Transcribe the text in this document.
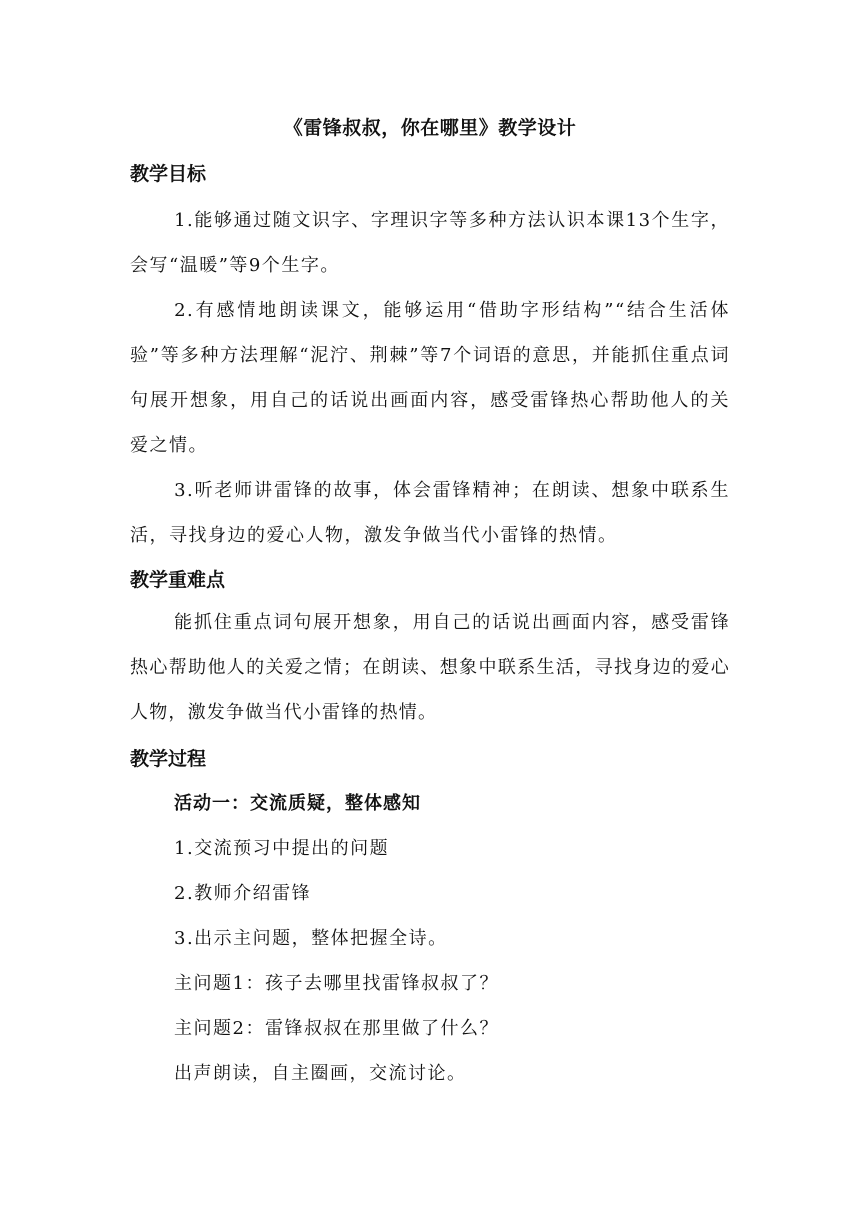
《雷锋叔叔，你在哪里》教学设计
教学目标

1.能够通过随文识字、字理识字等多种方法认识本课13个生字，会写“温暖”等9个生字。

2.有感情地朗读课文，能够运用“借助字形结构”“结合生活体验”等多种方法理解“泥泞、荆棘”等7个词语的意思，并能抓住重点词句展开想象，用自己的话说出画面内容，感受雷锋热心帮助他人的关爱之情。

3.听老师讲雷锋的故事，体会雷锋精神；在朗读、想象中联系生活，寻找身边的爱心人物，激发争做当代小雷锋的热情。

教学重难点

能抓住重点词句展开想象，用自己的话说出画面内容，感受雷锋热心帮助他人的关爱之情；在朗读、想象中联系生活，寻找身边的爱心人物，激发争做当代小雷锋的热情。

教学过程
活动一：交流质疑，整体感知
1.交流预习中提出的问题
2.教师介绍雷锋
3.出示主问题，整体把握全诗。
主问题1：孩子去哪里找雷锋叔叔了？
主问题2：雷锋叔叔在那里做了什么？
出声朗读，自主圈画，交流讨论。
